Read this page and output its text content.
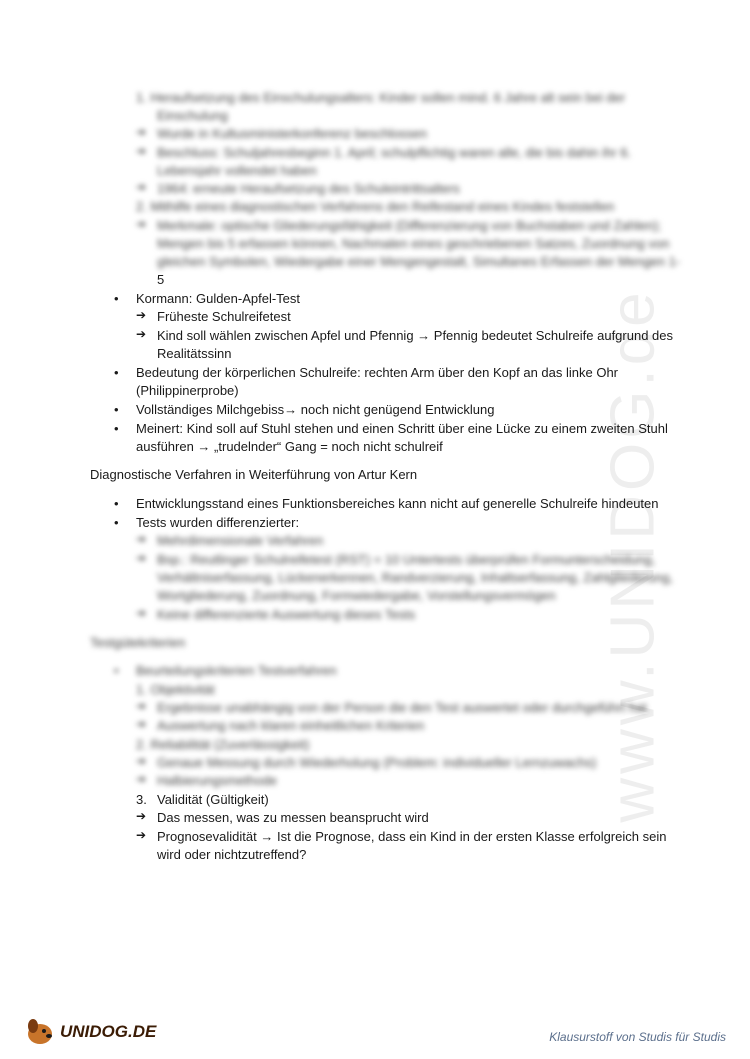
www.UNIDOG.de
1. Heraufsetzung des Einschulungsalters: Kinder sollen mind. 6 Jahre alt sein bei der
Einschulung
➔ Wurde in Kultusministerkonferenz beschlossen
➔ Beschluss: Schuljahresbeginn 1. April; schulpflichtig waren alle, die bis dahin ihr 6.
Lebensjahr vollendet haben
➔ 1964: erneute Heraufsetzung des Schuleintrittsalters
2. Mithilfe eines diagnostischen Verfahrens den Reifestand eines Kindes feststellen
➔ Merkmale: optische Gliederungsfähigkeit (Differenzierung von Buchstaben und Zahlen);
Mengen bis 5 erfassen können, Nachmalen eines geschriebenen Satzes, Zuordnung von
gleichen Symbolen, Wiedergabe einer Mengengestalt, Simultanes Erfassen der Mengen 1-
5
• Kormann: Gulden-Apfel-Test
➔ Früheste Schulreifetest
➔ Kind soll wählen zwischen Apfel und Pfennig → Pfennig bedeutet Schulreife aufgrund des
Realitätssinn
• Bedeutung der körperlichen Schulreife: rechten Arm über den Kopf an das linke Ohr
(Philippinerprobe)
• Vollständiges Milchgebiss→ noch nicht genügend Entwicklung
• Meinert: Kind soll auf Stuhl stehen und einen Schritt über eine Lücke zu einem zweiten Stuhl
ausführen → „trudelnder“ Gang = noch nicht schulreif
Diagnostische Verfahren in Weiterführung von Artur Kern
• Entwicklungsstand eines Funktionsbereiches kann nicht auf generelle Schulreife hindeuten
• Tests wurden differenzierter:
➔ Mehrdimensionale Verfahren
➔ Bsp.: Reutlinger Schulreifetest (RST) = 10 Untertests überprüfen Formunterscheidung,
Verhältniserfassung, Lückenerkennen, Randverzierung, Inhaltserfassung, Zahlgliederung,
Wortgliederung, Zuordnung, Formwiedergabe, Vorstellungsvermögen
➔ Keine differenzierte Auswertung dieses Tests
Testgütekriterien
• Beurteilungskriterien Testverfahren
1. Objektivität
➔ Ergebnisse unabhängig von der Person die den Test auswertet oder durchgeführt hat
➔ Auswertung nach klaren einheitlichen Kriterien
2. Reliabilität (Zuverlässigkeit)
➔ Genaue Messung durch Wiederholung (Problem: individueller Lernzuwachs)
➔ Halbierungsmethode
3. Validität (Gültigkeit)
➔ Das messen, was zu messen beansprucht wird
➔ Prognosevalidität → Ist die Prognose, dass ein Kind in der ersten Klasse erfolgreich sein
wird oder nichtzutreffend?
UNIDOG.DE	Klausurstoff von Studis für Studis
